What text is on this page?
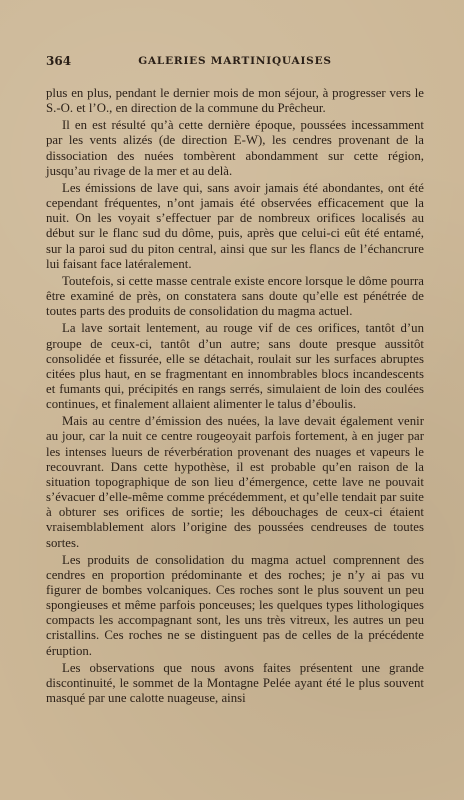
364	GALERIES MARTINIQUAISES

plus en plus, pendant le dernier mois de mon séjour, à progresser vers le S.-O. et l’O., en direction de la commune du Prêcheur.

Il en est résulté qu’à cette dernière époque, poussées incessamment par les vents alizés (de direction E-W), les cendres provenant de la dissociation des nuées tombèrent abondamment sur cette région, jusqu’au rivage de la mer et au delà.

Les émissions de lave qui, sans avoir jamais été abondantes, ont été cependant fréquentes, n’ont jamais été observées efficacement que la nuit. On les voyait s’effectuer par de nombreux orifices localisés au début sur le flanc sud du dôme, puis, après que celui-ci eût été entamé, sur la paroi sud du piton central, ainsi que sur les flancs de l’échancrure lui faisant face latéralement.

Toutefois, si cette masse centrale existe encore lorsque le dôme pourra être examiné de près, on constatera sans doute qu’elle est pénétrée de toutes parts des produits de consolidation du magma actuel.

La lave sortait lentement, au rouge vif de ces orifices, tantôt d’un groupe de ceux-ci, tantôt d’un autre; sans doute presque aussitôt consolidée et fissurée, elle se détachait, roulait sur les surfaces abruptes citées plus haut, en se fragmentant en innombrables blocs incandescents et fumants qui, précipités en rangs serrés, simulaient de loin des coulées continues, et finalement allaient alimenter le talus d’éboulis.

Mais au centre d’émission des nuées, la lave devait également venir au jour, car la nuit ce centre rougeoyait parfois fortement, à en juger par les intenses lueurs de réverbération provenant des nuages et vapeurs le recouvrant. Dans cette hypothèse, il est probable qu’en raison de la situation topographique de son lieu d’émergence, cette lave ne pouvait s’évacuer d’elle-même comme précédemment, et qu’elle tendait par suite à obturer ses orifices de sortie; les débouchages de ceux-ci étaient vraisemblablement alors l’origine des poussées cendreuses de toutes sortes.

Les produits de consolidation du magma actuel comprennent des cendres en proportion prédominante et des roches; je n’y ai pas vu figurer de bombes volcaniques. Ces roches sont le plus souvent un peu spongieuses et même parfois ponceuses; les quelques types lithologiques compacts les accompagnant sont, les uns très vitreux, les autres un peu cristallins. Ces roches ne se distinguent pas de celles de la précédente éruption.

Les observations que nous avons faites présentent une grande discontinuité, le sommet de la Montagne Pelée ayant été le plus souvent masqué par une calotte nuageuse, ainsi
